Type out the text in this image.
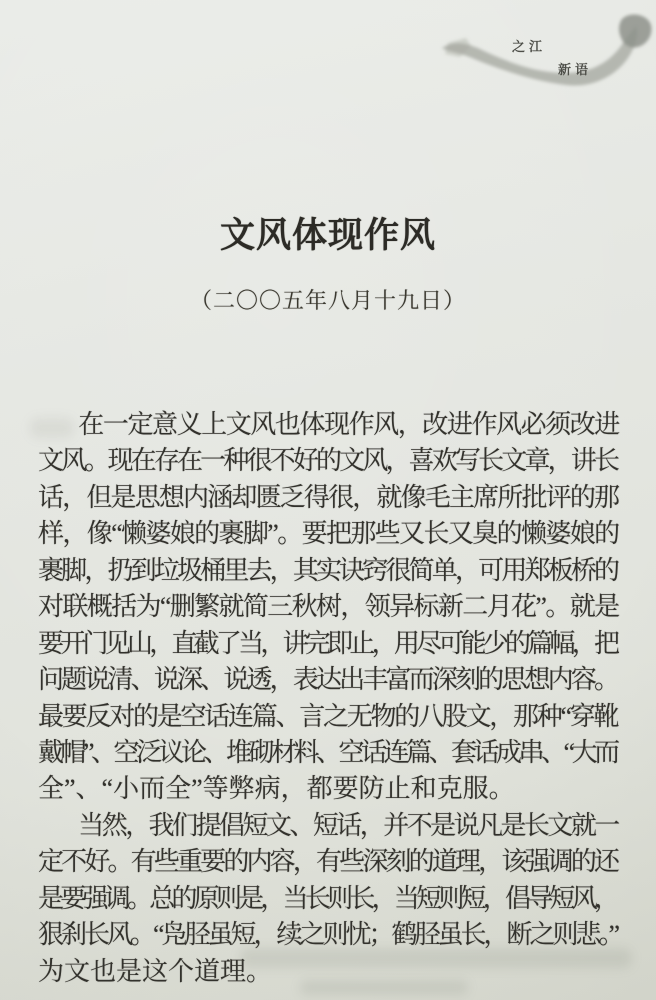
之江
新语
文风体现作风
（二〇〇五年八月十九日）
在一定意义上文风也体现作风，改进作风必须改进
文风。现在存在一种很不好的文风，喜欢写长文章，讲长
话，但是思想内涵却匮乏得很，就像毛主席所批评的那
样，像“懒婆娘的裹脚”。要把那些又长又臭的懒婆娘的
裹脚，扔到垃圾桶里去，其实诀窍很简单，可用郑板桥的
对联概括为“删繁就简三秋树，领异标新二月花”。就是
要开门见山，直截了当，讲完即止，用尽可能少的篇幅，把
问题说清、说深、说透，表达出丰富而深刻的思想内容。
最要反对的是空话连篇、言之无物的八股文，那种“穿靴
戴帽”、空泛议论、堆砌材料、空话连篇、套话成串、“大而
全”、“小而全”等弊病，都要防止和克服。
当然，我们提倡短文、短话，并不是说凡是长文就一
定不好。有些重要的内容，有些深刻的道理，该强调的还
是要强调。总的原则是，当长则长，当短则短，倡导短风，
狠刹长风。“凫胫虽短，续之则忧；鹤胫虽长，断之则悲。”
为文也是这个道理。
